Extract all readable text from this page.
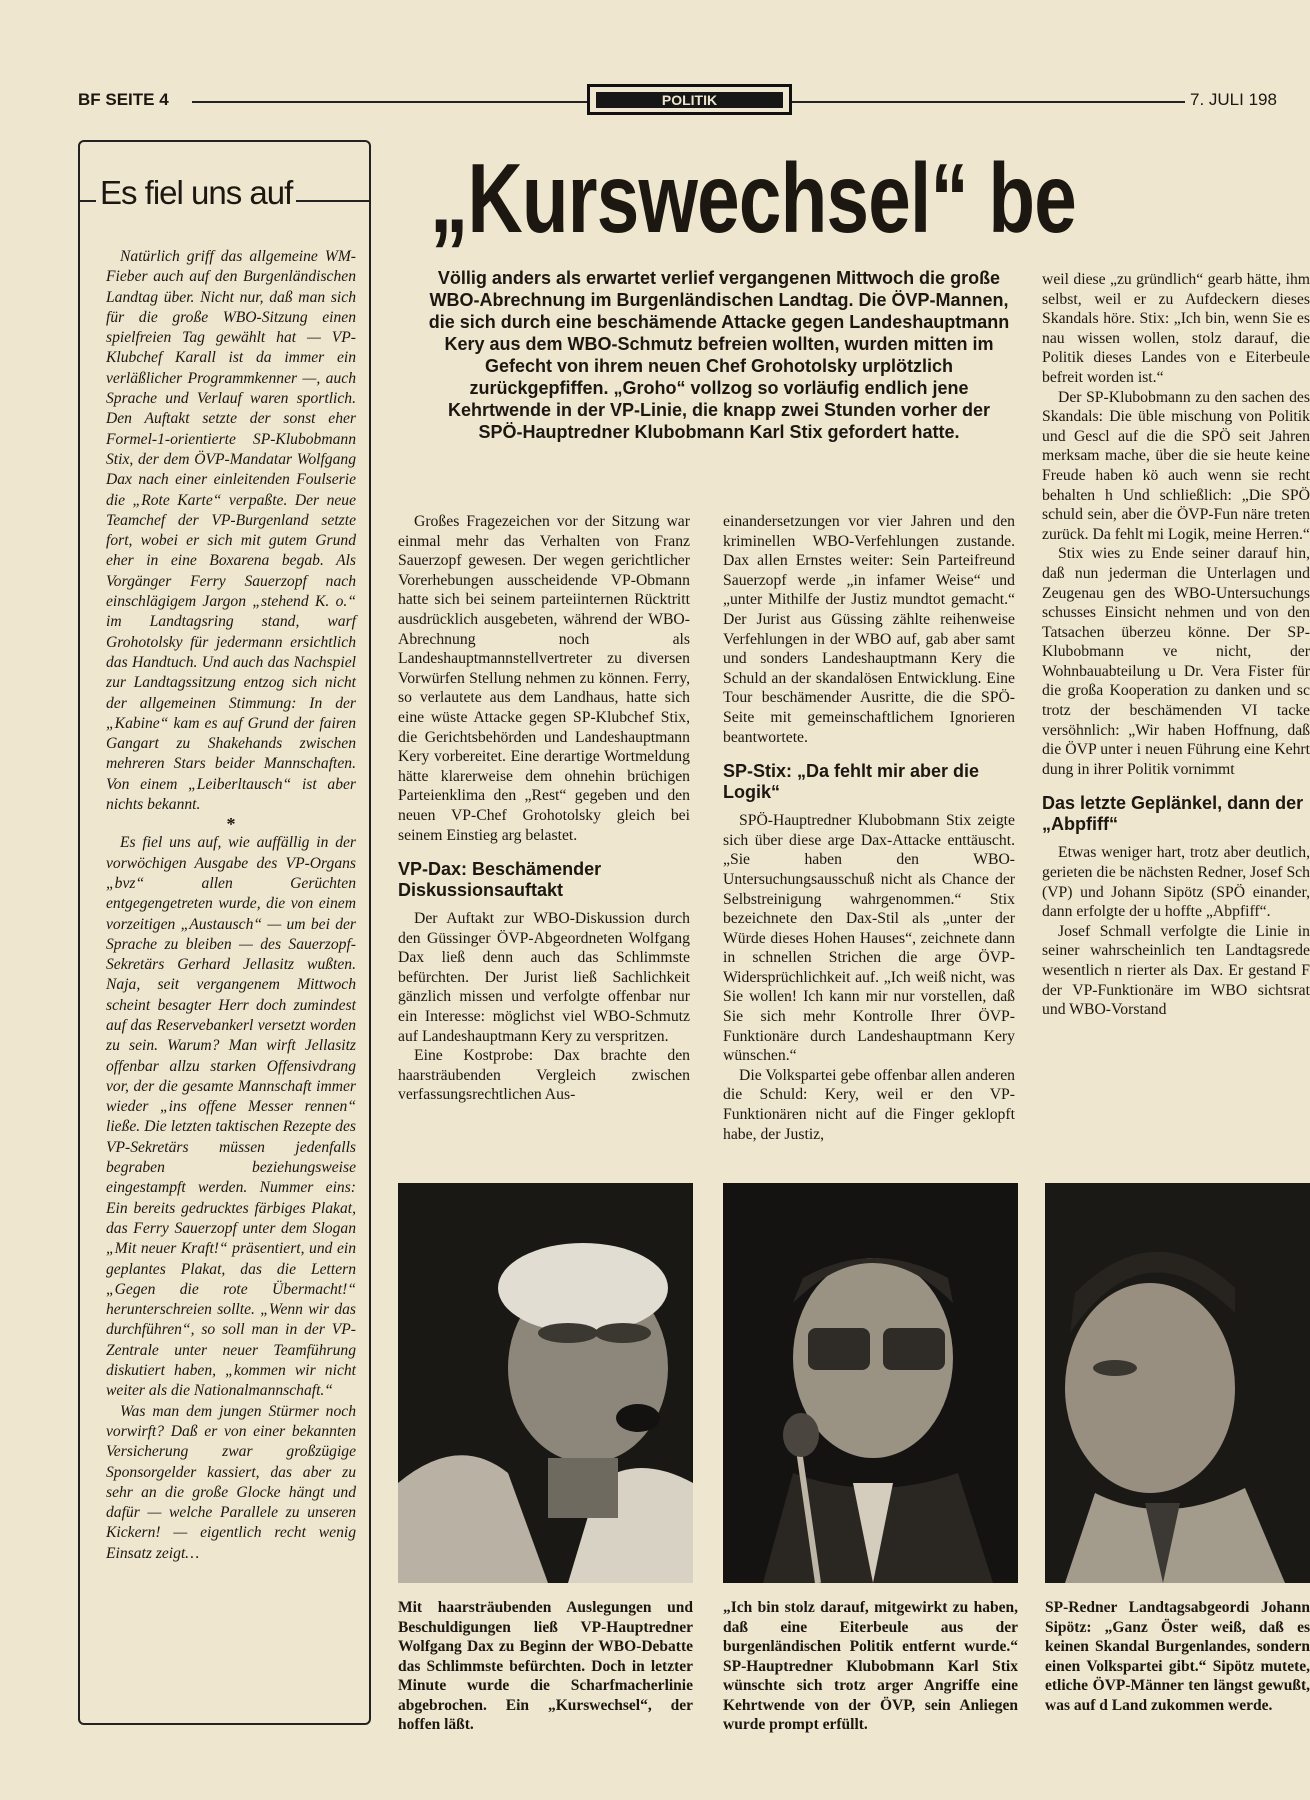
BF SEITE 4	POLITIK	7. JULI 198
Es fiel uns auf

Natürlich griff das allgemeine WM-Fieber auch auf den Burgenländischen Landtag über. Nicht nur, daß man sich für die große WBO-Sitzung einen spielfreien Tag gewählt hat — VP-Klubchef Karall ist da immer ein verläßlicher Programmkenner —, auch Sprache und Verlauf waren sportlich. Den Auftakt setzte der sonst eher Formel-1-orientierte SP-Klubobmann Stix, der dem ÖVP-Mandatar Wolfgang Dax nach einer einleitenden Foulserie die „Rote Karte“ verpaßte. Der neue Teamchef der VP-Burgenland setzte fort, wobei er sich mit gutem Grund eher in eine Boxarena begab. Als Vorgänger Ferry Sauerzopf nach einschlägigem Jargon „stehend K. o.“ im Landtagsring stand, warf Grohotolsky für jedermann ersichtlich das Handtuch. Und auch das Nachspiel zur Landtagssitzung entzog sich nicht der allgemeinen Stimmung: In der „Kabine“ kam es auf Grund der fairen Gangart zu Shakehands zwischen mehreren Stars beider Mannschaften. Von einem „Leiberltausch“ ist aber nichts bekannt.

*

Es fiel uns auf, wie auffällig in der vorwöchigen Ausgabe des VP-Organs „bvz“ allen Gerüchten entgegengetreten wurde, die von einem vorzeitigen „Austausch“ — um bei der Sprache zu bleiben — des Sauerzopf-Sekretärs Gerhard Jellasitz wußten. Naja, seit vergangenem Mittwoch scheint besagter Herr doch zumindest auf das Reservebankerl versetzt worden zu sein. Warum? Man wirft Jellasitz offenbar allzu starken Offensivdrang vor, der die gesamte Mannschaft immer wieder „ins offene Messer rennen“ ließe. Die letzten taktischen Rezepte des VP-Sekretärs müssen jedenfalls begraben beziehungsweise eingestampft werden. Nummer eins: Ein bereits gedrucktes färbiges Plakat, das Ferry Sauerzopf unter dem Slogan „Mit neuer Kraft!“ präsentiert, und ein geplantes Plakat, das die Lettern „Gegen die rote Übermacht!“ herunterschreien sollte. „Wenn wir das durchführen“, so soll man in der VP-Zentrale unter neuer Teamführung diskutiert haben, „kommen wir nicht weiter als die Nationalmannschaft.“

Was man dem jungen Stürmer noch vorwirft? Daß er von einer bekannten Versicherung zwar großzügige Sponsorgelder kassiert, das aber zu sehr an die große Glocke hängt und dafür — welche Parallele zu unseren Kickern! — eigentlich recht wenig Einsatz zeigt…

„Kurswechsel“ be
Völlig anders als erwartet verlief vergangenen Mittwoch die große WBO-Abrechnung im Burgenländischen Landtag. Die ÖVP-Mannen, die sich durch eine beschämende Attacke gegen Landeshauptmann Kery aus dem WBO-Schmutz befreien wollten, wurden mitten im Gefecht von ihrem neuen Chef Grohotolsky urplötzlich zurückgepfiffen. „Groho“ vollzog so vorläufig endlich jene Kehrtwende in der VP-Linie, die knapp zwei Stunden vorher der SPÖ-Hauptredner Klubobmann Karl Stix gefordert hatte.

Großes Fragezeichen vor der Sitzung war einmal mehr das Verhalten von Franz Sauerzopf gewesen. Der wegen gerichtlicher Vorerhebungen ausscheidende VP-Obmann hatte sich bei seinem parteiinternen Rücktritt ausdrücklich ausgebeten, während der WBO-Abrechnung noch als Landeshauptmannstellvertreter zu diversen Vorwürfen Stellung nehmen zu können. Ferry, so verlautete aus dem Landhaus, hatte sich eine wüste Attacke gegen SP-Klubchef Stix, die Gerichtsbehörden und Landeshauptmann Kery vorbereitet. Eine derartige Wortmeldung hätte klarerweise dem ohnehin brüchigen Parteienklima den „Rest“ gegeben und den neuen VP-Chef Grohotolsky gleich bei seinem Einstieg arg belastet.

VP-Dax: Beschämender Diskussionsauftakt

Der Auftakt zur WBO-Diskussion durch den Güssinger ÖVP-Abgeordneten Wolfgang Dax ließ denn auch das Schlimmste befürchten. Der Jurist ließ Sachlichkeit gänzlich missen und verfolgte offenbar nur ein Interesse: möglichst viel WBO-Schmutz auf Landeshauptmann Kery zu verspritzen.

Eine Kostprobe: Dax brachte den haarsträubenden Vergleich zwischen verfassungsrechtlichen Aus-

einandersetzungen vor vier Jahren und den kriminellen WBO-Verfehlungen zustande. Dax allen Ernstes weiter: Sein Parteifreund Sauerzopf werde „in infamer Weise“ und „unter Mithilfe der Justiz mundtot gemacht.“ Der Jurist aus Güssing zählte reihenweise Verfehlungen in der WBO auf, gab aber samt und sonders Landeshauptmann Kery die Schuld an der skandalösen Entwicklung. Eine Tour beschämender Ausritte, die die SPÖ-Seite mit gemeinschaftlichem Ignorieren beantwortete.

SP-Stix: „Da fehlt mir aber die Logik“

SPÖ-Hauptredner Klubobmann Stix zeigte sich über diese arge Dax-Attacke enttäuscht. „Sie haben den WBO-Untersuchungsausschuß nicht als Chance der Selbstreinigung wahrgenommen.“ Stix bezeichnete den Dax-Stil als „unter der Würde dieses Hohen Hauses“, zeichnete dann in schnellen Strichen die arge ÖVP-Widersprüchlichkeit auf. „Ich weiß nicht, was Sie wollen! Ich kann mir nur vorstellen, daß Sie sich mehr Kontrolle Ihrer ÖVP-Funktionäre durch Landeshauptmann Kery wünschen.“

Die Volkspartei gebe offenbar allen anderen die Schuld: Kery, weil er den VP-Funktionären nicht auf die Finger geklopft habe, der Justiz,

weil diese „zu gründlich“ gearb hätte, ihm selbst, weil er zu Aufdeckern dieses Skandals höre. Stix: „Ich bin, wenn Sie es nau wissen wollen, stolz darauf, die Politik dieses Landes von e Eiterbeule befreit worden ist.“

Der SP-Klubobmann zu den sachen des Skandals: Die üble mischung von Politik und Gescl auf die die SPÖ seit Jahren merksam mache, über die sie heute keine Freude haben kö auch wenn sie recht behalten h Und schließlich: „Die SPÖ schuld sein, aber die ÖVP-Fun näre treten zurück. Da fehlt mi Logik, meine Herren.“

Stix wies zu Ende seiner darauf hin, daß nun jederman die Unterlagen und Zeugenau gen des WBO-Untersuchungs schusses Einsicht nehmen und von den Tatsachen überzeu könne. Der SP-Klubobmann ve nicht, der Wohnbauabteilung u Dr. Vera Fister für die großa Kooperation zu danken und sc trotz der beschämenden VI tacke versöhnlich: „Wir haben Hoffnung, daß die ÖVP unter i neuen Führung eine Kehrt dung in ihrer Politik vornimmt

Das letzte Geplänkel, dann der „Abpfiff“

Etwas weniger hart, trotz aber deutlich, gerieten die be nächsten Redner, Josef Sch (VP) und Johann Sipötz (SPÖ einander, dann erfolgte der u hoffte „Abpfiff“.

Josef Schmall verfolgte die Linie in seiner wahrscheinlich ten Landtagsrede wesentlich n rierter als Dax. Er gestand F der VP-Funktionäre im WBO sichtsrat und WBO-Vorstand

Mit haarsträubenden Auslegungen und Beschuldigungen ließ VP-Hauptredner Wolfgang Dax zu Beginn der WBO-Debatte das Schlimmste befürchten. Doch in letzter Minute wurde die Scharfmacherlinie abgebrochen. Ein „Kurswechsel“, der hoffen läßt.
„Ich bin stolz darauf, mitgewirkt zu haben, daß eine Eiterbeule aus der burgenländischen Politik entfernt wurde.“ SP-Hauptredner Klubobmann Karl Stix wünschte sich trotz arger Angriffe eine Kehrtwende von der ÖVP, sein Anliegen wurde prompt erfüllt.
SP-Redner Landtagsabgeordi Johann Sipötz: „Ganz Öster weiß, daß es keinen Skandal Burgenlandes, sondern einen Volkspartei gibt.“ Sipötz mutete, etliche ÖVP-Männer ten längst gewußt, was auf d Land zukommen werde.
